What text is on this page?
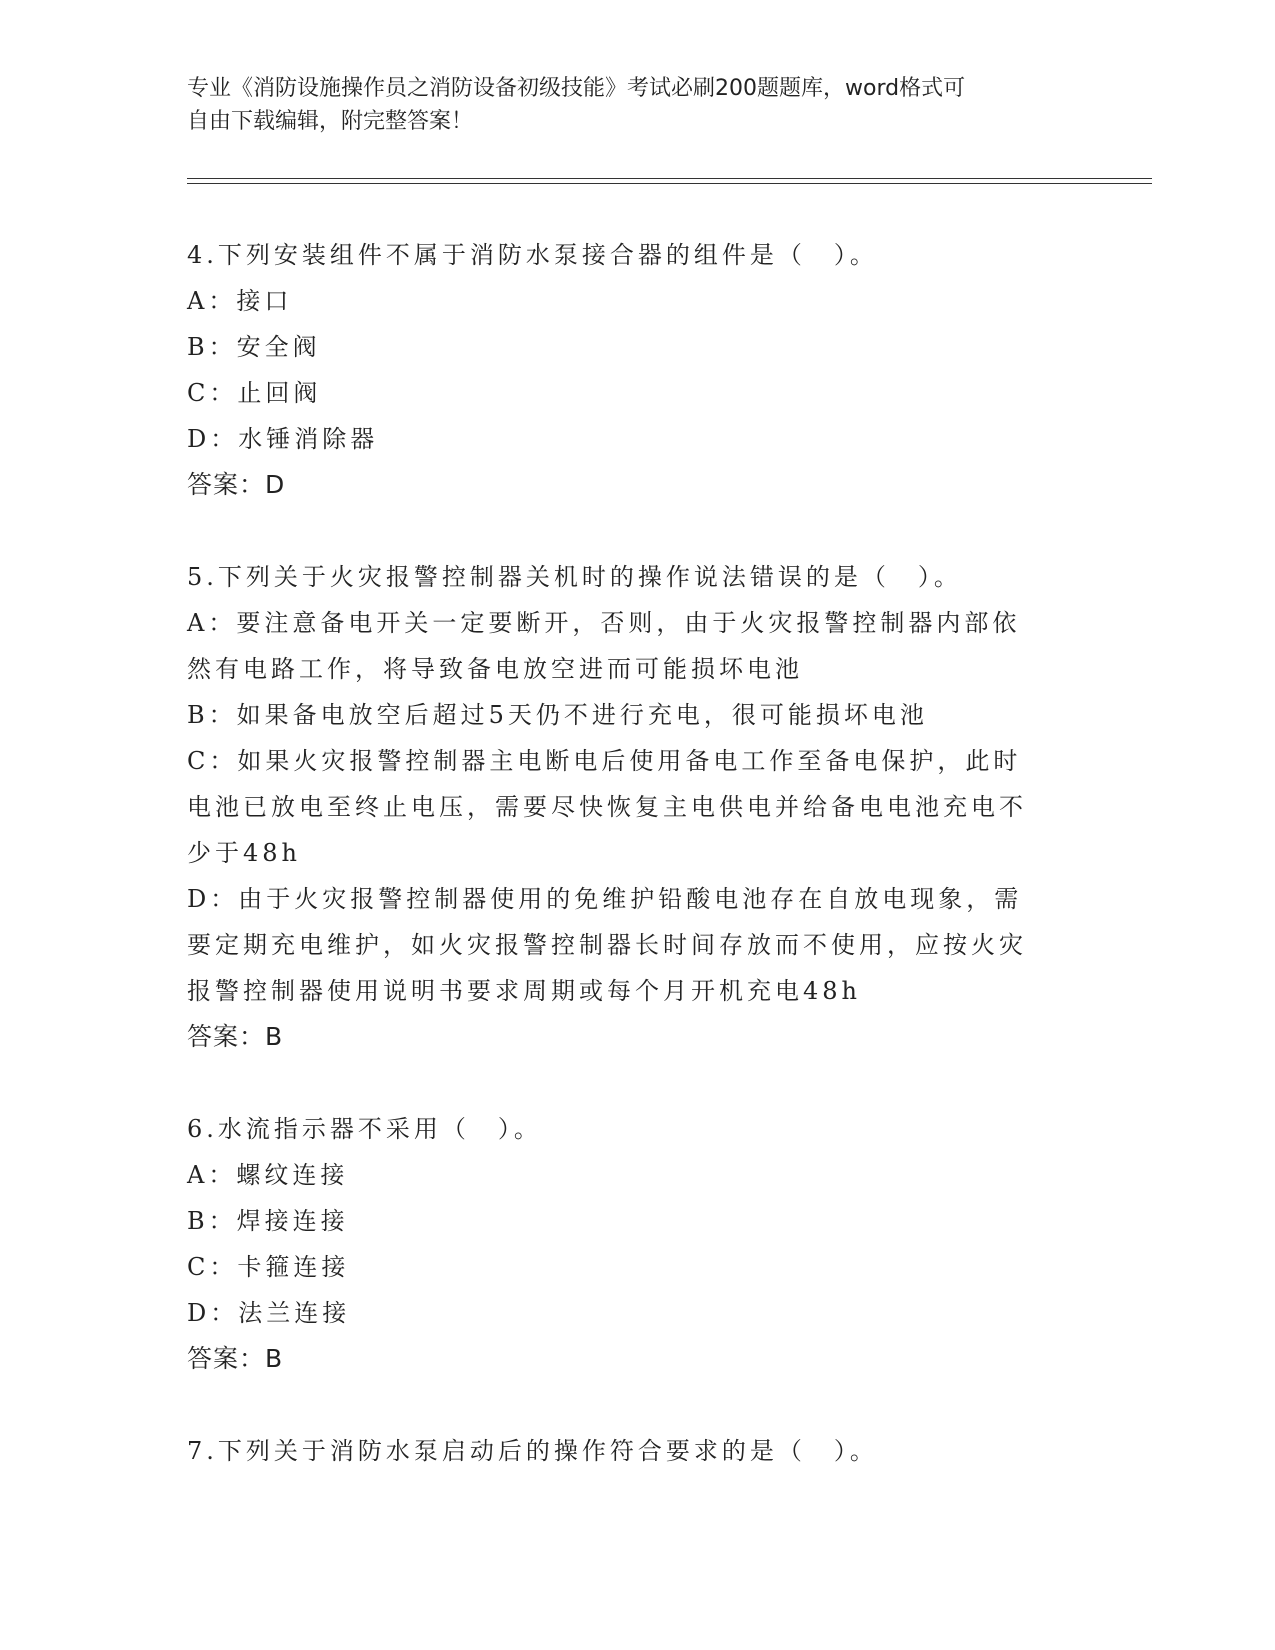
专业《消防设施操作员之消防设备初级技能》考试必刷200题题库，word格式可
自由下载编辑，附完整答案！
4.下列安装组件不属于消防水泵接合器的组件是（　）。
A：接口
B：安全阀
C：止回阀
D：水锤消除器
答案：D
5.下列关于火灾报警控制器关机时的操作说法错误的是（　）。
A：要注意备电开关一定要断开，否则，由于火灾报警控制器内部依然有电路工作，将导致备电放空进而可能损坏电池
B：如果备电放空后超过5天仍不进行充电，很可能损坏电池
C：如果火灾报警控制器主电断电后使用备电工作至备电保护，此时电池已放电至终止电压，需要尽快恢复主电供电并给备电电池充电不少于48h
D：由于火灾报警控制器使用的免维护铅酸电池存在自放电现象，需要定期充电维护，如火灾报警控制器长时间存放而不使用，应按火灾报警控制器使用说明书要求周期或每个月开机充电48h
答案：B
6.水流指示器不采用（　）。
A：螺纹连接
B：焊接连接
C：卡箍连接
D：法兰连接
答案：B
7.下列关于消防水泵启动后的操作符合要求的是（　）。
